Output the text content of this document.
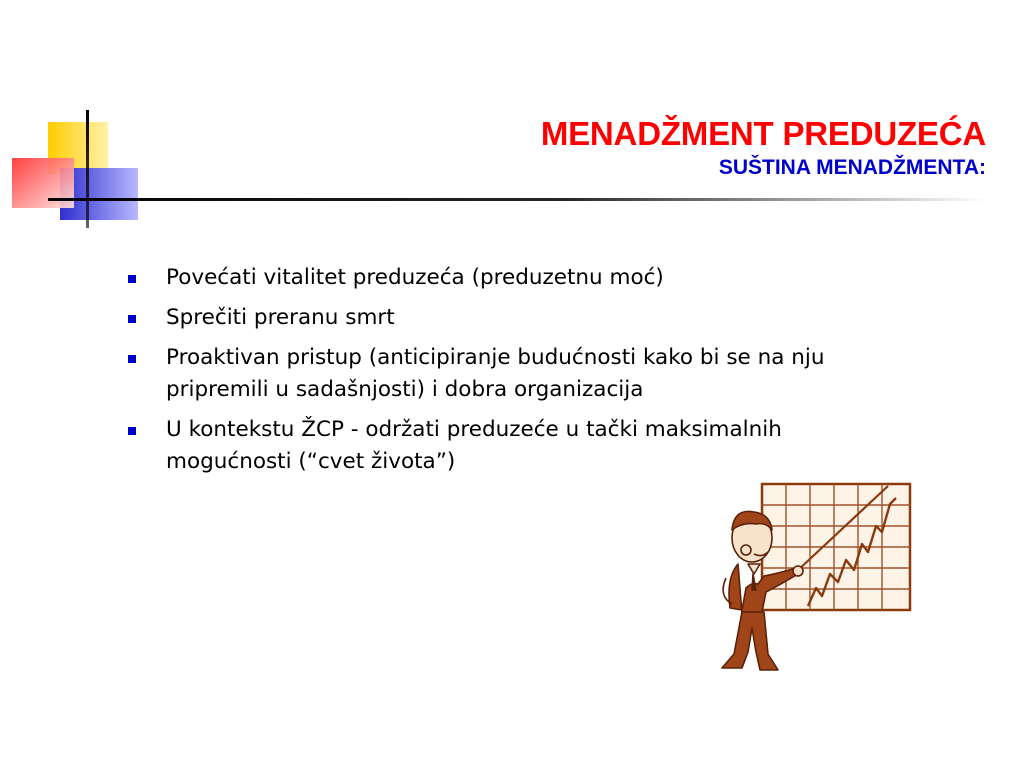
MENADŽMENT PREDUZEĆA

SUŠTINA MENADŽMENTA:

Povećati vitalitet preduzeća (preduzetnu moć)
Sprečiti preranu smrt
Proaktivan pristup (anticipiranje budućnosti kako bi se na nju
pripremili u sadašnjosti) i dobra organizacija
U kontekstu ŽCP - održati preduzeće u tački maksimalnih
mogućnosti (“cvet života”)
